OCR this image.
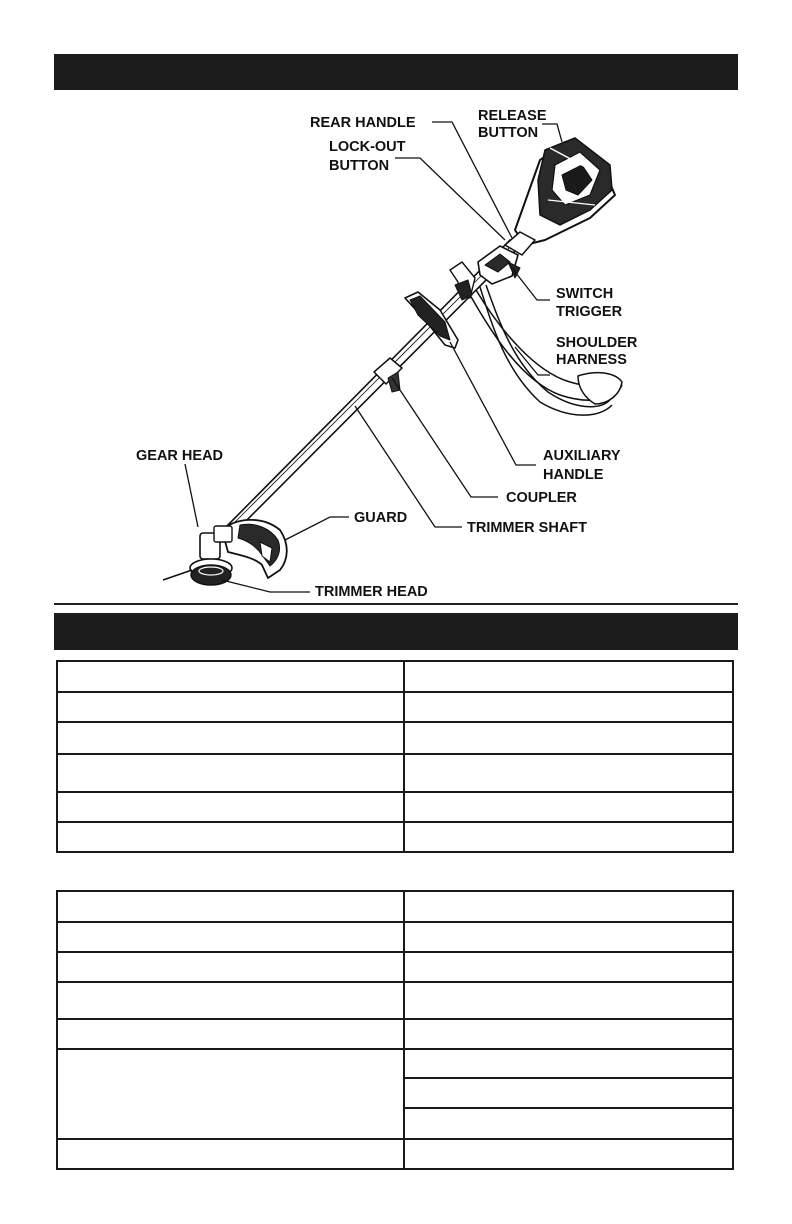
REAR HANDLE	RELEASE
BUTTON
LOCK-OUT
BUTTON
SWITCH
TRIGGER
SHOULDER
HARNESS
GEAR HEAD	AUXILIARY
HANDLE
COUPLER
GUARD
TRIMMER SHAFT
TRIMMER HEAD
